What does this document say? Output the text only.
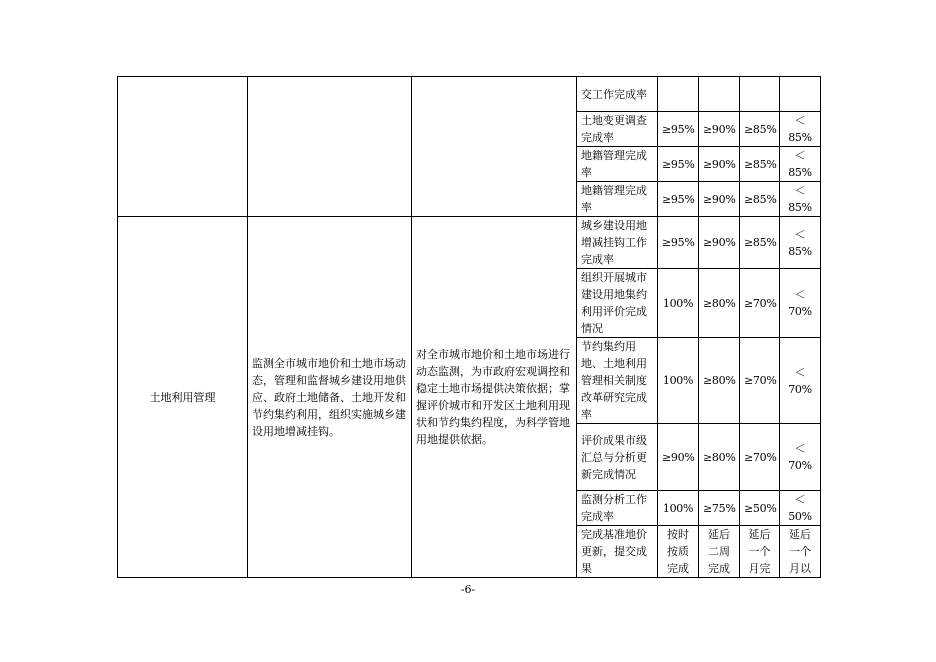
			交工作完成率				
			土地变更调查完成率	≥95%	≥90%	≥85%	＜85%
			地籍管理完成率	≥95%	≥90%	≥85%	＜85%
			地籍管理完成率	≥95%	≥90%	≥85%	＜85%
土地利用管理	监测全市城市地价和土地市场动态，管理和监督城乡建设用地供应、政府土地储备、土地开发和节约集约利用，组织实施城乡建设用地增减挂钩。	对全市城市地价和土地市场进行动态监测，为市政府宏观调控和稳定土地市场提供决策依据；掌握评价城市和开发区土地利用现状和节约集约程度，为科学管地用地提供依据。	城乡建设用地增减挂钩工作完成率	≥95%	≥90%	≥85%	＜85%
			组织开展城市建设用地集约利用评价完成情况	100%	≥80%	≥70%	＜70%
			节约集约用地、土地利用管理相关制度改革研究完成率	100%	≥80%	≥70%	＜70%
			评价成果市级汇总与分析更新完成情况	≥90%	≥80%	≥70%	＜70%
			监测分析工作完成率	100%	≥75%	≥50%	＜50%
			完成基准地价更新，提交成果	按时按质完成	延后二周完成	延后一个月完	延后一个月以
-6-
